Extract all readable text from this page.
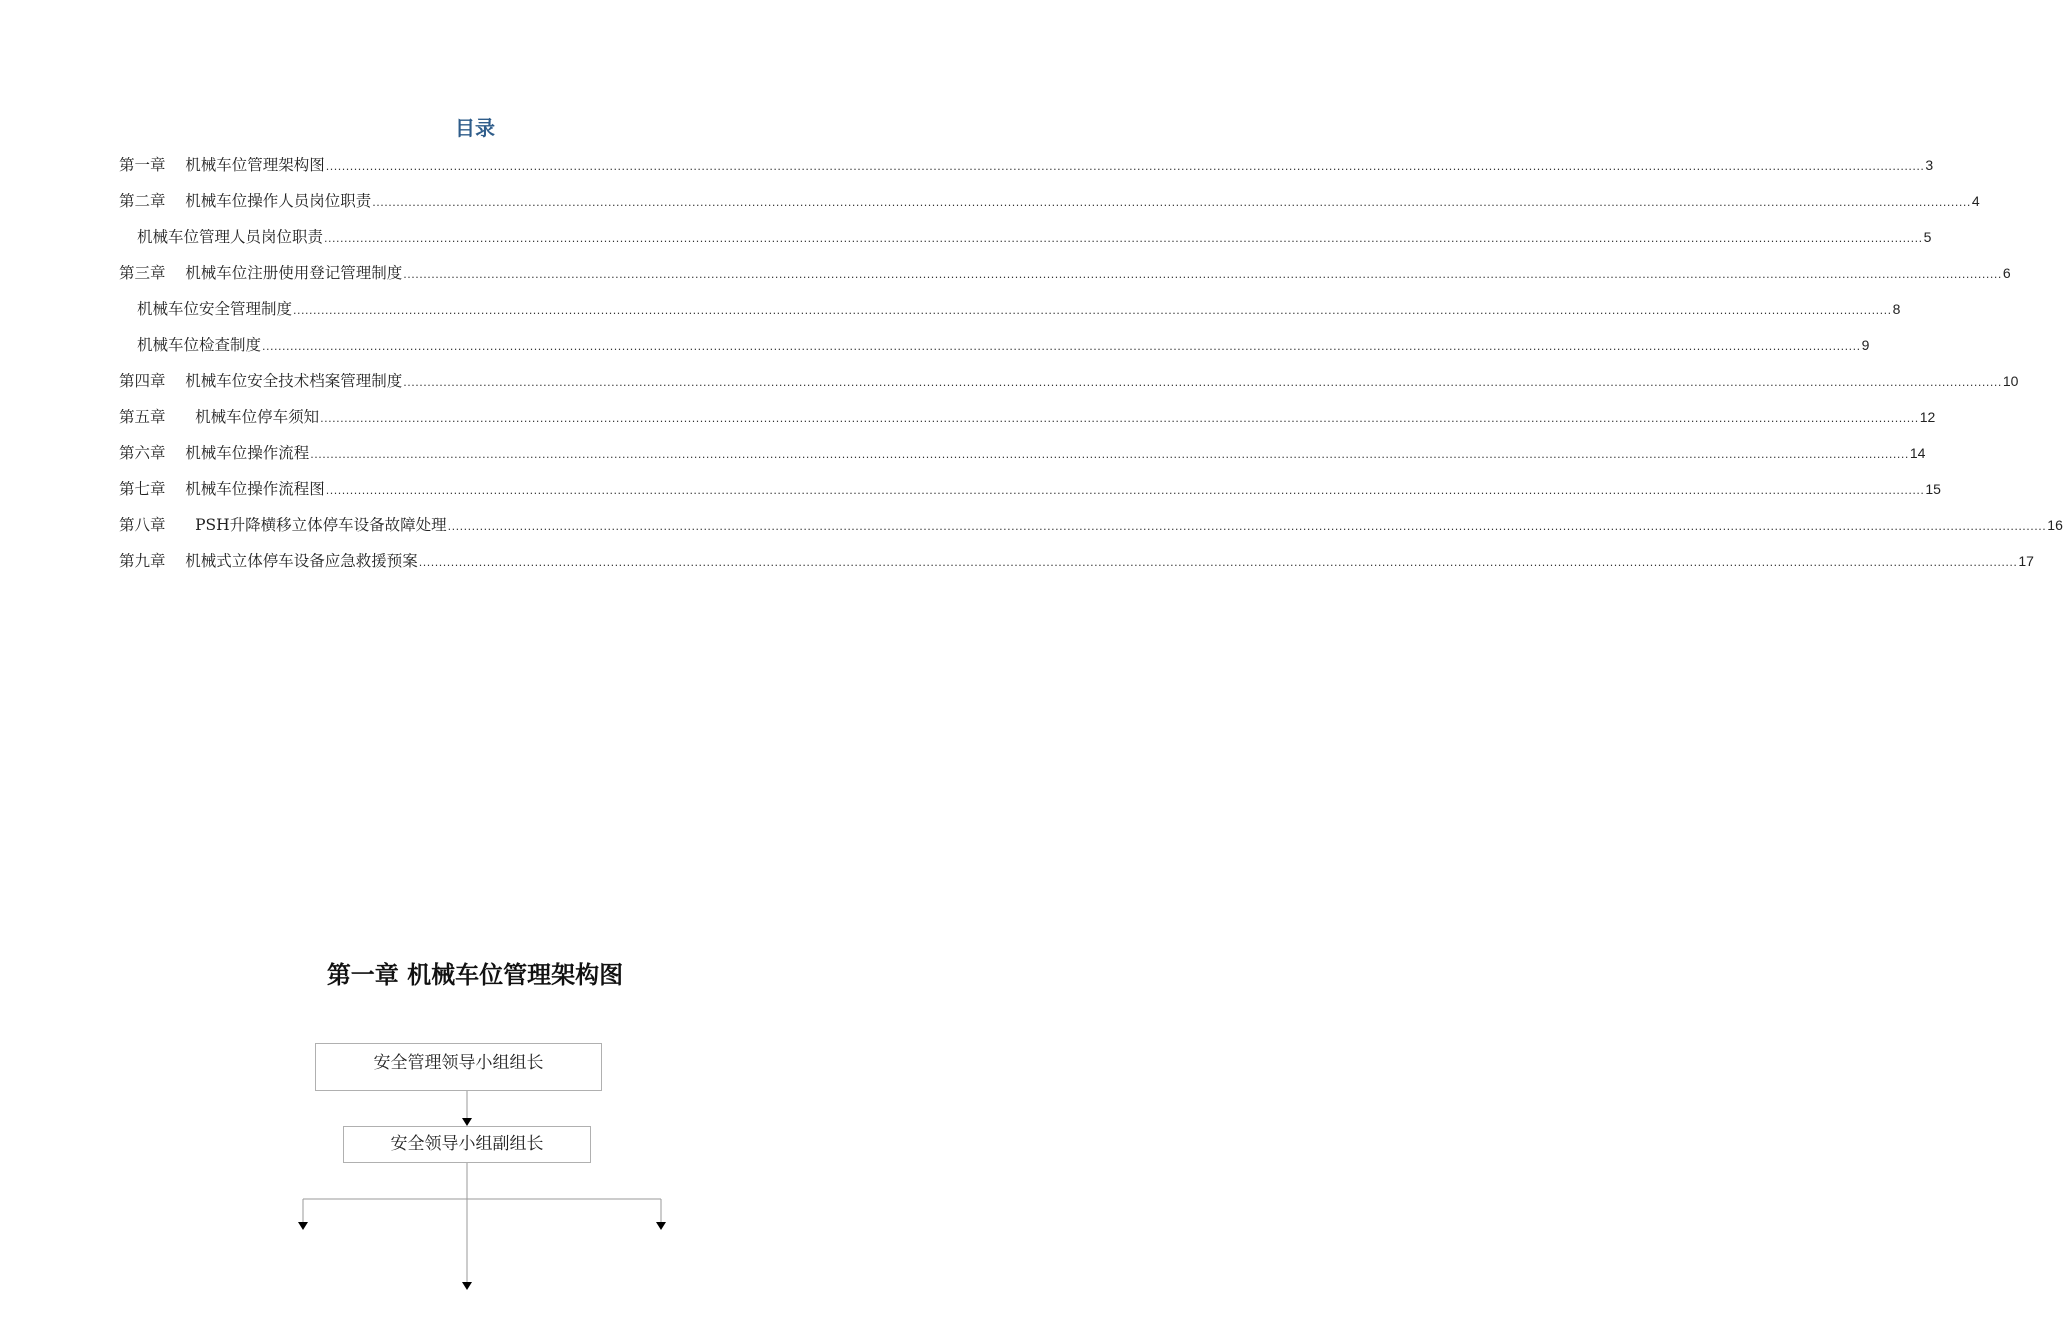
目录
第一章
机械车位管理架构图 ................................................................................................................................................................................................................................................................................................................................................................................................................ 3
第二章
机械车位操作人员岗位职责 ................................................................................................................................................................................................................................................................................................................................................................................................................ 4
机械车位管理人员岗位职责 ................................................................................................................................................................................................................................................................................................................................................................................................................ 5
第三章
机械车位注册使用登记管理制度 ................................................................................................................................................................................................................................................................................................................................................................................................................ 6
机械车位安全管理制度 ................................................................................................................................................................................................................................................................................................................................................................................................................ 8
机械车位检查制度 ................................................................................................................................................................................................................................................................................................................................................................................................................ 9
第四章
机械车位安全技术档案管理制度 ................................................................................................................................................................................................................................................................................................................................................................................................................ 10
第五章
机械车位停车须知 ................................................................................................................................................................................................................................................................................................................................................................................................................ 12
第六章
机械车位操作流程 ................................................................................................................................................................................................................................................................................................................................................................................................................ 14
第七章
机械车位操作流程图 ................................................................................................................................................................................................................................................................................................................................................................................................................ 15
第八章
PSH升降横移立体停车设备故障处理 ................................................................................................................................................................................................................................................................................................................................................................................................................ 16
第九章
机械式立体停车设备应急救援预案 ................................................................................................................................................................................................................................................................................................................................................................................................................ 17
第一章 机械车位管理架构图
安全管理领导小组组长
安全领导小组副组长
